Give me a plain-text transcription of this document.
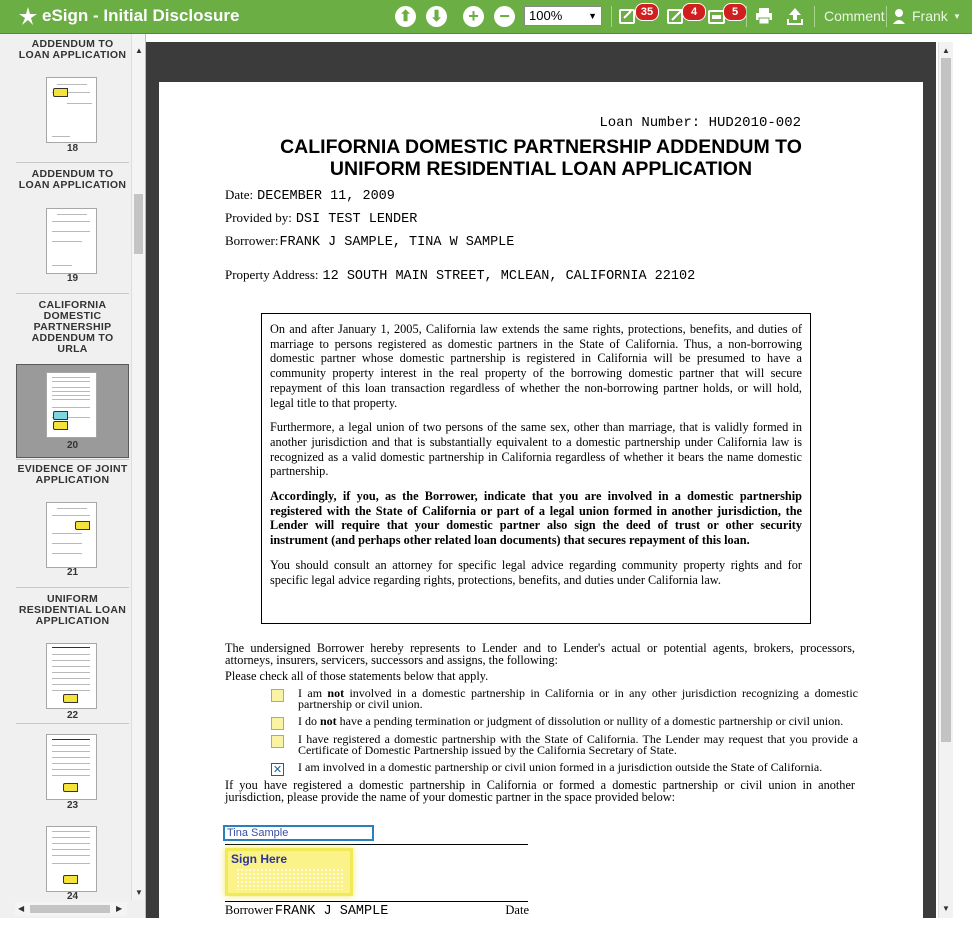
eSign - Initial Disclosure	⬆ ⬇ + −	100%	▼	35	4	5	Comment Frank ▼
ADDENDUM TO LOAN APPLICATION
18
ADDENDUM TO LOAN APPLICATION
19
CALIFORNIA DOMESTIC PARTNERSHIP ADDENDUM TO URLA
20
EVIDENCE OF JOINT APPLICATION
21
UNIFORM RESIDENTIAL LOAN APPLICATION
22
23
24
▲
▼
◀	▶
Loan Number: HUD2010-002
CALIFORNIA DOMESTIC PARTNERSHIP ADDENDUM TO
UNIFORM RESIDENTIAL LOAN APPLICATION
Date: DECEMBER 11, 2009
Provided by: DSI TEST LENDER
Borrower:FRANK J SAMPLE, TINA W SAMPLE
Property Address: 12 SOUTH MAIN STREET, MCLEAN, CALIFORNIA 22102

On and after January 1, 2005, California law extends the same rights, protections, benefits, and duties of marriage to persons registered as domestic partners in the State of California. Thus, a non-borrowing domestic partner whose domestic partnership is registered in California will be presumed to have a community property interest in the real property of the borrowing domestic partner that will secure repayment of this loan transaction regardless of whether the non-borrowing partner holds, or will hold, legal title to that property.

Furthermore, a legal union of two persons of the same sex, other than marriage, that is validly formed in another jurisdiction and that is substantially equivalent to a domestic partnership under California law is recognized as a valid domestic partnership in California regardless of whether it bears the name domestic partnership.

Accordingly, if you, as the Borrower, indicate that you are involved in a domestic partnership registered with the State of California or part of a legal union formed in another jurisdiction, the Lender will require that your domestic partner also sign the deed of trust or other security instrument (and perhaps other related loan documents) that secures repayment of this loan.

You should consult an attorney for specific legal advice regarding community property rights and for specific legal advice regarding rights, protections, benefits, and duties under California law.

The undersigned Borrower hereby represents to Lender and to Lender's actual or potential agents, brokers, processors, attorneys, insurers, servicers, successors and assigns, the following:
Please check all of those statements below that apply.
I am not involved in a domestic partnership in California or in any other jurisdiction recognizing a domestic partnership or civil union.
I do not have a pending termination or judgment of dissolution or nullity of a domestic partnership or civil union.
I have registered a domestic partnership with the State of California. The Lender may request that you provide a Certificate of Domestic Partnership issued by the California Secretary of State.
✕ I am involved in a domestic partnership or civil union formed in a jurisdiction outside the State of California.
If you have registered a domestic partnership in California or formed a domestic partnership or civil union in another jurisdiction, please provide the name of your domestic partner in the space provided below:
Tina Sample
Sign Here
Borrower FRANK J SAMPLE	Date
▲
▼
